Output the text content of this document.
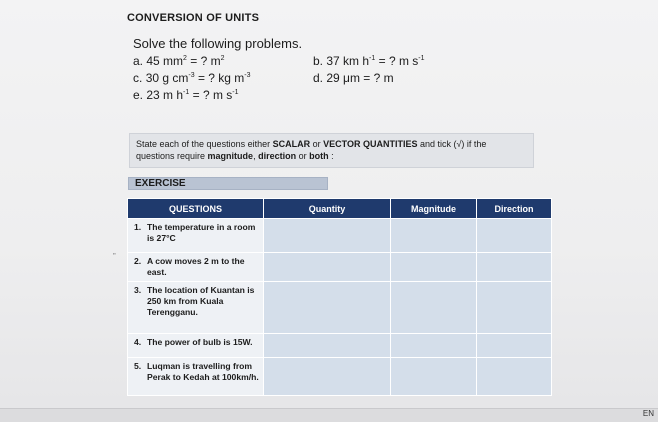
CONVERSION OF UNITS
Solve the following problems.
a. 45 $mm^2$ = ? $m^2$	b. 37 km $h^{-1}$ = ? m $s^{-1}$
c. 30 g $cm^{-3}$ = ? kg $m^{-3}$	d. 29 μm = ? m
e. 23 m $h^{-1}$ = ? m $s^{-1}$
State each of the questions either SCALAR or VECTOR QUANTITIES and tick (√) if the questions require magnitude, direction or both :
EXERCISE
”
QUESTIONS	Quantity	Magnitude	Direction
1. The temperature in a room is 27°C			
2. A cow moves 2 m to the east.			
3. The location of Kuantan is 250 km from Kuala Terengganu.			
4. The power of bulb is 15W.			
5. Luqman is travelling from Perak to Kedah at 100km/h.			
EN
